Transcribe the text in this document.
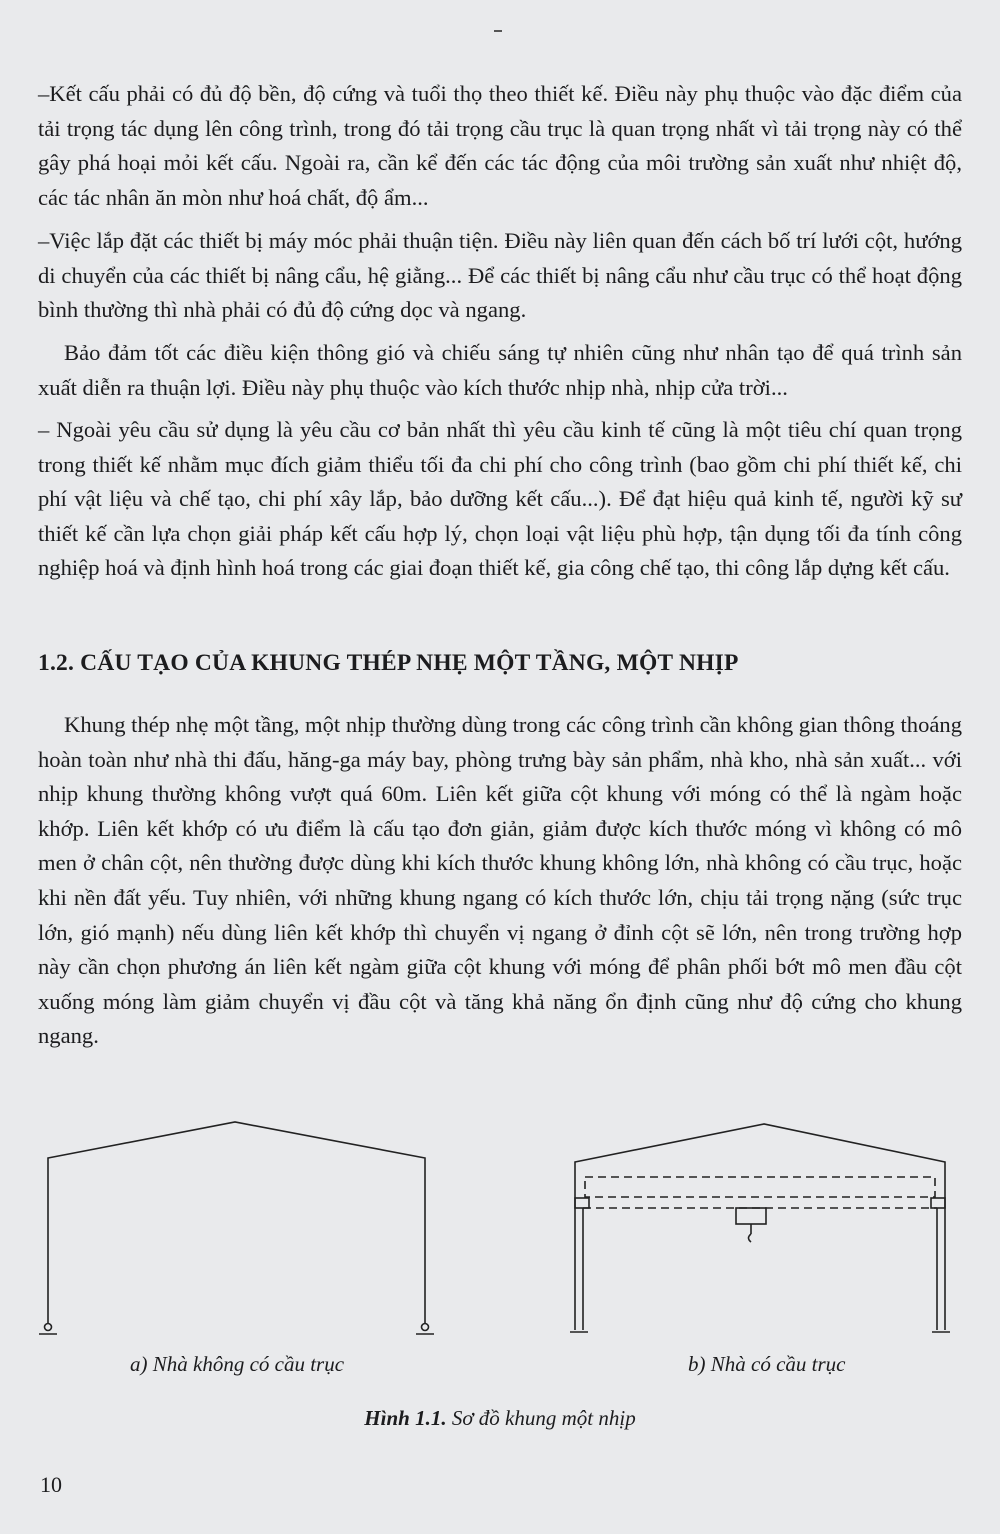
–Kết cấu phải có đủ độ bền, độ cứng và tuổi thọ theo thiết kế. Điều này phụ thuộc vào đặc điểm của tải trọng tác dụng lên công trình, trong đó tải trọng cầu trục là quan trọng nhất vì tải trọng này có thể gây phá hoại mỏi kết cấu. Ngoài ra, cần kể đến các tác động của môi trường sản xuất như nhiệt độ, các tác nhân ăn mòn như hoá chất, độ ẩm...

–Việc lắp đặt các thiết bị máy móc phải thuận tiện. Điều này liên quan đến cách bố trí lưới cột, hướng di chuyển của các thiết bị nâng cẩu, hệ giằng... Để các thiết bị nâng cẩu như cầu trục có thể hoạt động bình thường thì nhà phải có đủ độ cứng dọc và ngang.

Bảo đảm tốt các điều kiện thông gió và chiếu sáng tự nhiên cũng như nhân tạo để quá trình sản xuất diễn ra thuận lợi. Điều này phụ thuộc vào kích thước nhịp nhà, nhịp cửa trời...

– Ngoài yêu cầu sử dụng là yêu cầu cơ bản nhất thì yêu cầu kinh tế cũng là một tiêu chí quan trọng trong thiết kế nhằm mục đích giảm thiểu tối đa chi phí cho công trình (bao gồm chi phí thiết kế, chi phí vật liệu và chế tạo, chi phí xây lắp, bảo dưỡng kết cấu...). Để đạt hiệu quả kinh tế, người kỹ sư thiết kế cần lựa chọn giải pháp kết cấu hợp lý, chọn loại vật liệu phù hợp, tận dụng tối đa tính công nghiệp hoá và định hình hoá trong các giai đoạn thiết kế, gia công chế tạo, thi công lắp dựng kết cấu.

1.2. CẤU TẠO CỦA KHUNG THÉP NHẸ MỘT TẦNG, MỘT NHỊP

Khung thép nhẹ một tầng, một nhịp thường dùng trong các công trình cần không gian thông thoáng hoàn toàn như nhà thi đấu, hăng-ga máy bay, phòng trưng bày sản phẩm, nhà kho, nhà sản xuất... với nhịp khung thường không vượt quá 60m. Liên kết giữa cột khung với móng có thể là ngàm hoặc khớp. Liên kết khớp có ưu điểm là cấu tạo đơn giản, giảm được kích thước móng vì không có mô men ở chân cột, nên thường được dùng khi kích thước khung không lớn, nhà không có cầu trục, hoặc khi nền đất yếu. Tuy nhiên, với những khung ngang có kích thước lớn, chịu tải trọng nặng (sức trục lớn, gió mạnh) nếu dùng liên kết khớp thì chuyển vị ngang ở đỉnh cột sẽ lớn, nên trong trường hợp này cần chọn phương án liên kết ngàm giữa cột khung với móng để phân phối bớt mô men đầu cột xuống móng làm giảm chuyển vị đầu cột và tăng khả năng ổn định cũng như độ cứng cho khung ngang.

a) Nhà không có cầu trục	b) Nhà có cầu trục
Hình 1.1. Sơ đồ khung một nhịp
10
